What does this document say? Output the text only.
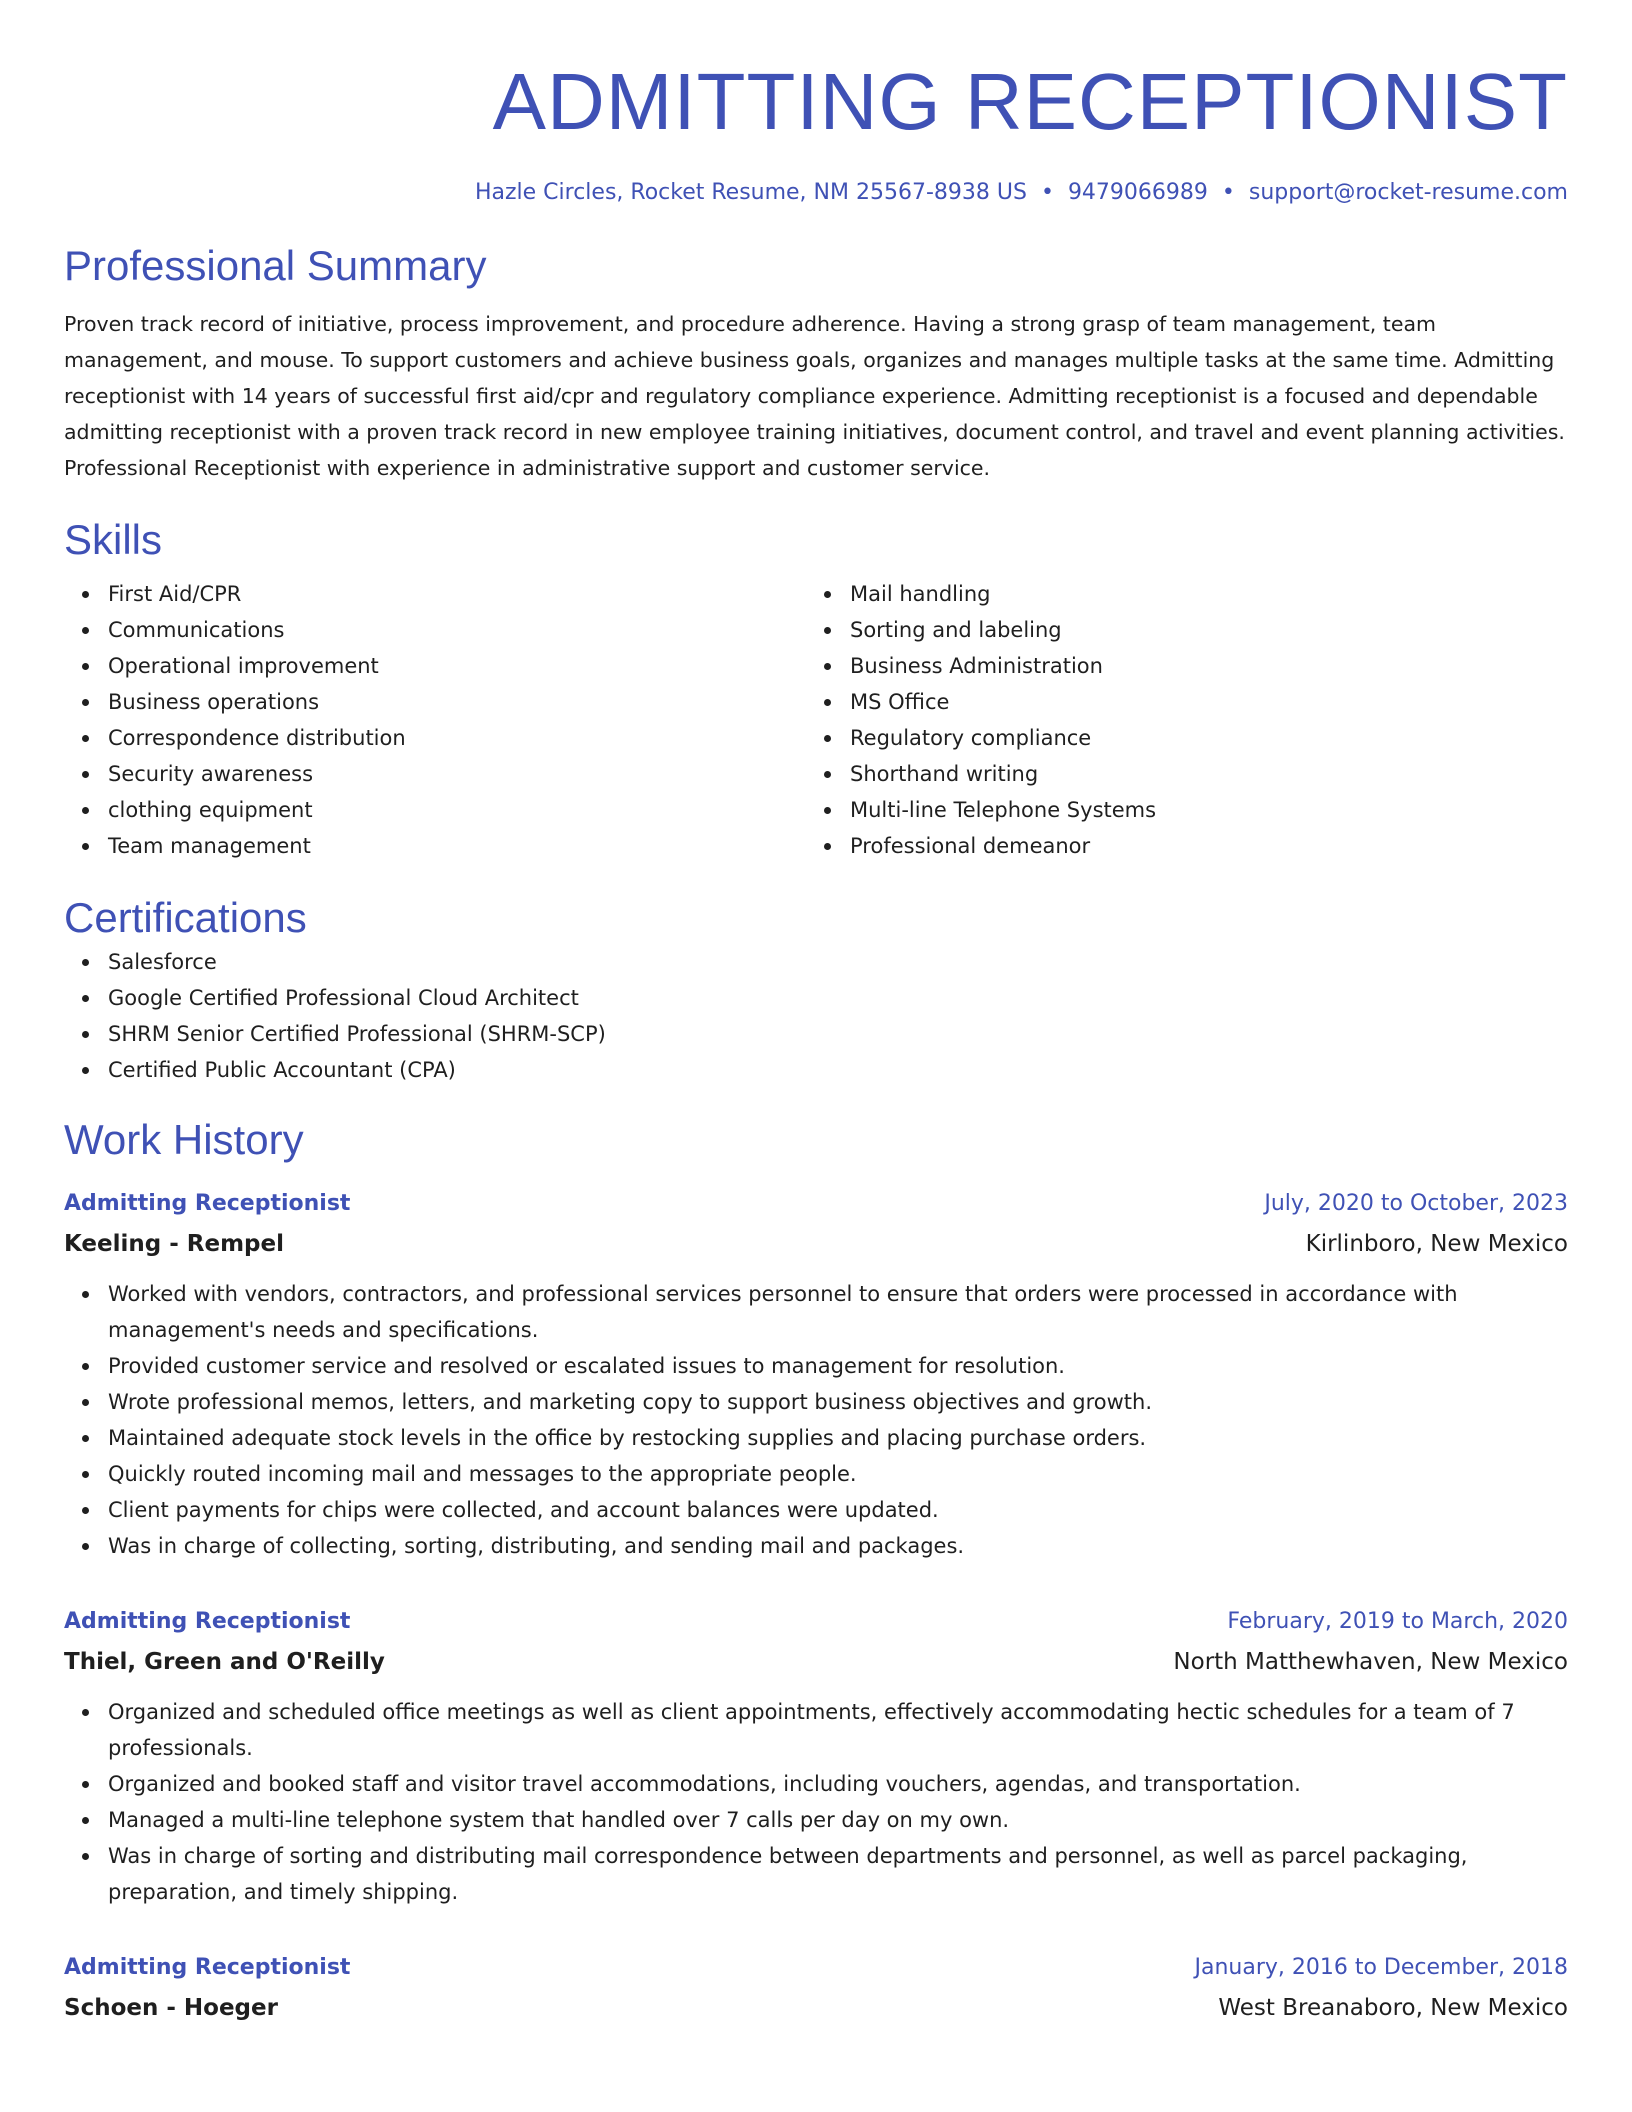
ADMITTING RECEPTIONIST
Hazle Circles, Rocket Resume, NM 25567-8938 US • 9479066989 • support@rocket-resume.com
Professional Summary

Proven track record of initiative, process improvement, and procedure adherence. Having a strong grasp of team management, team management, and mouse. To support customers and achieve business goals, organizes and manages multiple tasks at the same time. Admitting receptionist with 14 years of successful first aid/cpr and regulatory compliance experience. Admitting receptionist is a focused and dependable admitting receptionist with a proven track record in new employee training initiatives, document control, and travel and event planning activities. Professional Receptionist with experience in administrative support and customer service.

Skills
First Aid/CPR
Communications
Operational improvement
Business operations
Correspondence distribution
Security awareness
clothing equipment
Team management
Mail handling
Sorting and labeling
Business Administration
MS Office
Regulatory compliance
Shorthand writing
Multi-line Telephone Systems
Professional demeanor
Certifications
Salesforce
Google Certified Professional Cloud Architect
SHRM Senior Certified Professional (SHRM-SCP)
Certified Public Accountant (CPA)
Work History
Admitting Receptionist	July, 2020 to October, 2023
Keeling - Rempel	Kirlinboro, New Mexico
Worked with vendors, contractors, and professional services personnel to ensure that orders were processed in accordance with management's needs and specifications.
Provided customer service and resolved or escalated issues to management for resolution.
Wrote professional memos, letters, and marketing copy to support business objectives and growth.
Maintained adequate stock levels in the office by restocking supplies and placing purchase orders.
Quickly routed incoming mail and messages to the appropriate people.
Client payments for chips were collected, and account balances were updated.
Was in charge of collecting, sorting, distributing, and sending mail and packages.
Admitting Receptionist	February, 2019 to March, 2020
Thiel, Green and O'Reilly	North Matthewhaven, New Mexico
Organized and scheduled office meetings as well as client appointments, effectively accommodating hectic schedules for a team of 7 professionals.
Organized and booked staff and visitor travel accommodations, including vouchers, agendas, and transportation.
Managed a multi-line telephone system that handled over 7 calls per day on my own.
Was in charge of sorting and distributing mail correspondence between departments and personnel, as well as parcel packaging, preparation, and timely shipping.
Admitting Receptionist	January, 2016 to December, 2018
Schoen - Hoeger	West Breanaboro, New Mexico
